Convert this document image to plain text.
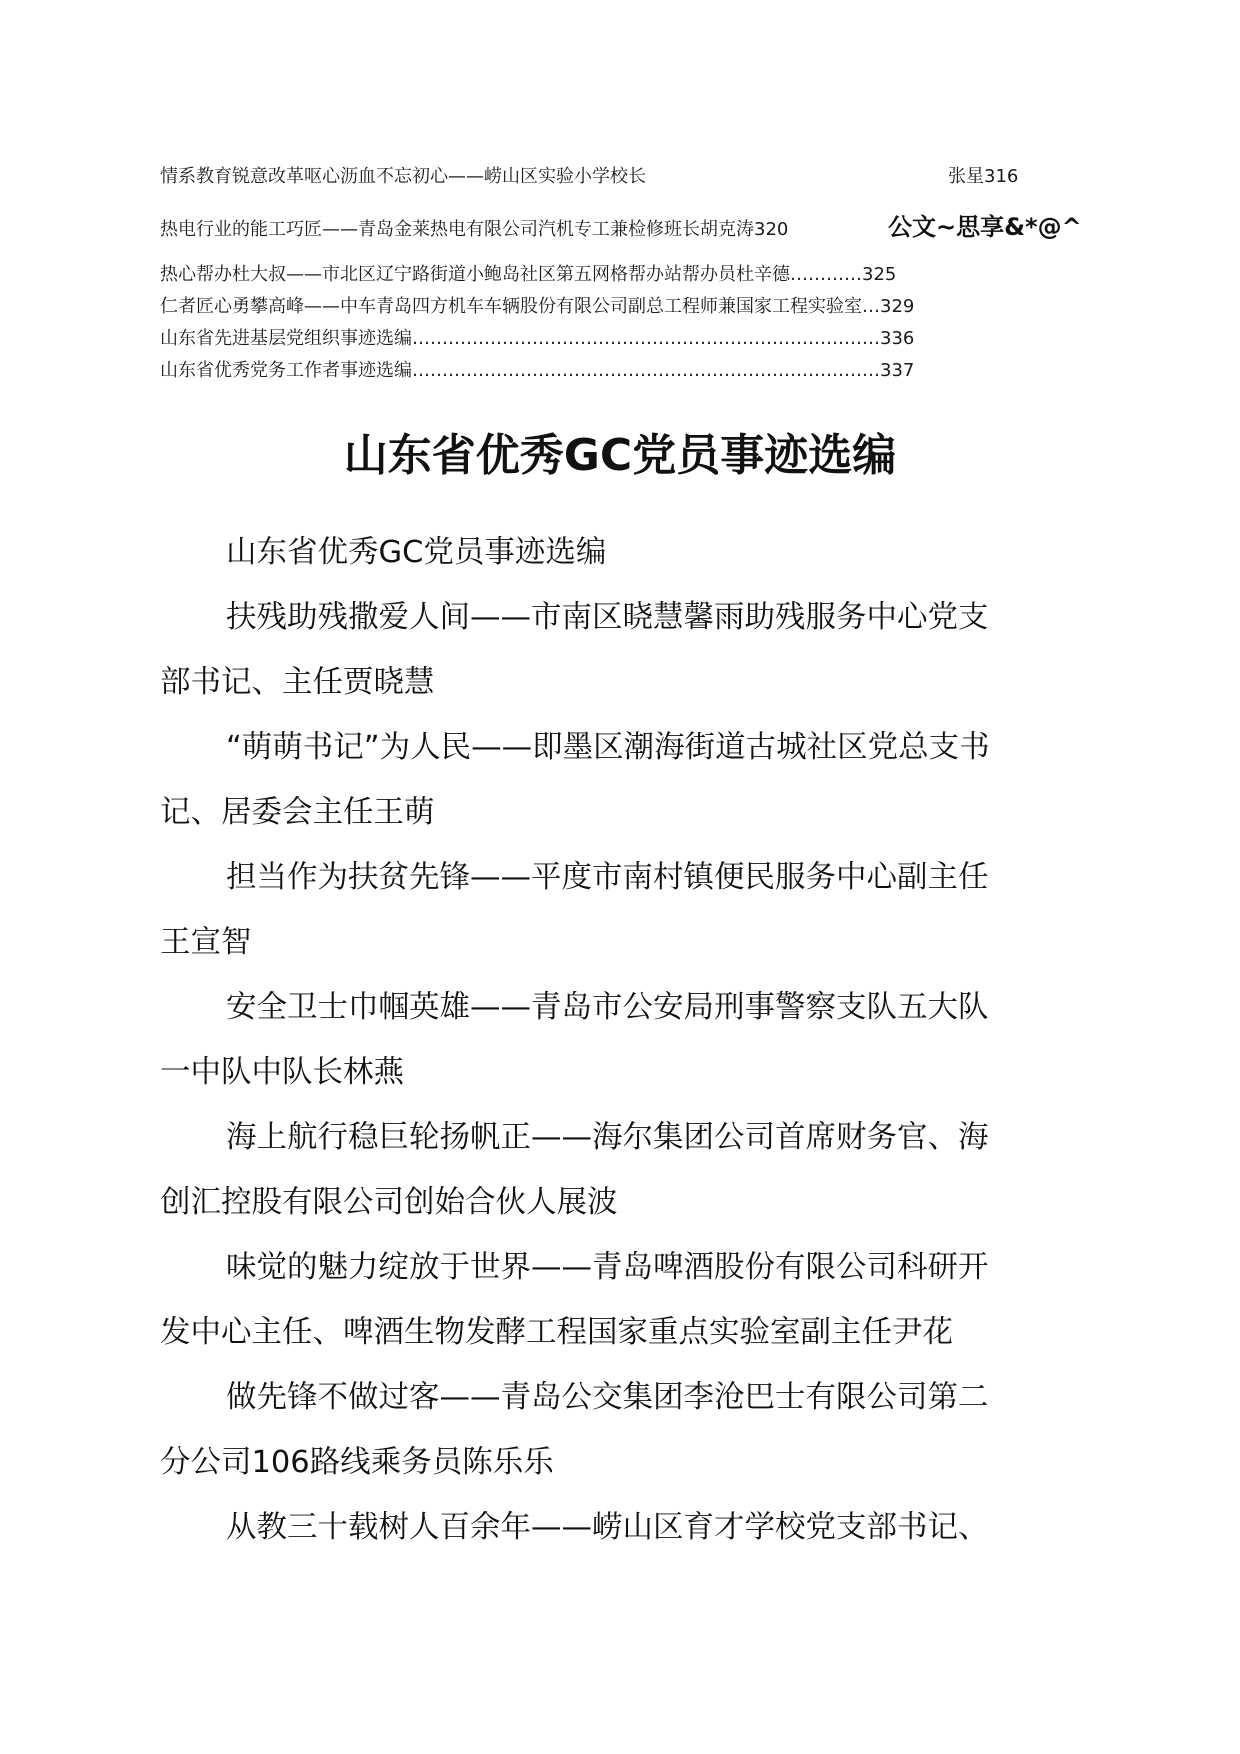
情系教育锐意改革呕心沥血不忘初心——崂山区实验小学校长	张星316
热电行业的能工巧匠——青岛金莱热电有限公司汽机专工兼检修班长胡克涛320	公文~思享&*@^
热心帮办杜大叔——市北区辽宁路街道小鲍岛社区第五网格帮办站帮办员杜辛德…………325
仁者匠心勇攀高峰——中车青岛四方机车车辆股份有限公司副总工程师兼国家工程实验室…329
山东省先进基层党组织事迹选编……………………………………………………………………336
山东省优秀党务工作者事迹选编……………………………………………………………………337
山东省优秀GC党员事迹选编
山东省优秀GC党员事迹选编
扶残助残撒爱人间——市南区晓慧馨雨助残服务中心党支
部书记、主任贾晓慧
“萌萌书记”为人民——即墨区潮海街道古城社区党总支书
记、居委会主任王萌
担当作为扶贫先锋——平度市南村镇便民服务中心副主任
王宣智
安全卫士巾帼英雄——青岛市公安局刑事警察支队五大队
一中队中队长林燕
海上航行稳巨轮扬帆正——海尔集团公司首席财务官、海
创汇控股有限公司创始合伙人展波
味觉的魅力绽放于世界——青岛啤酒股份有限公司科研开
发中心主任、啤酒生物发酵工程国家重点实验室副主任尹花
做先锋不做过客——青岛公交集团李沧巴士有限公司第二
分公司106路线乘务员陈乐乐
从教三十载树人百余年——崂山区育才学校党支部书记、
